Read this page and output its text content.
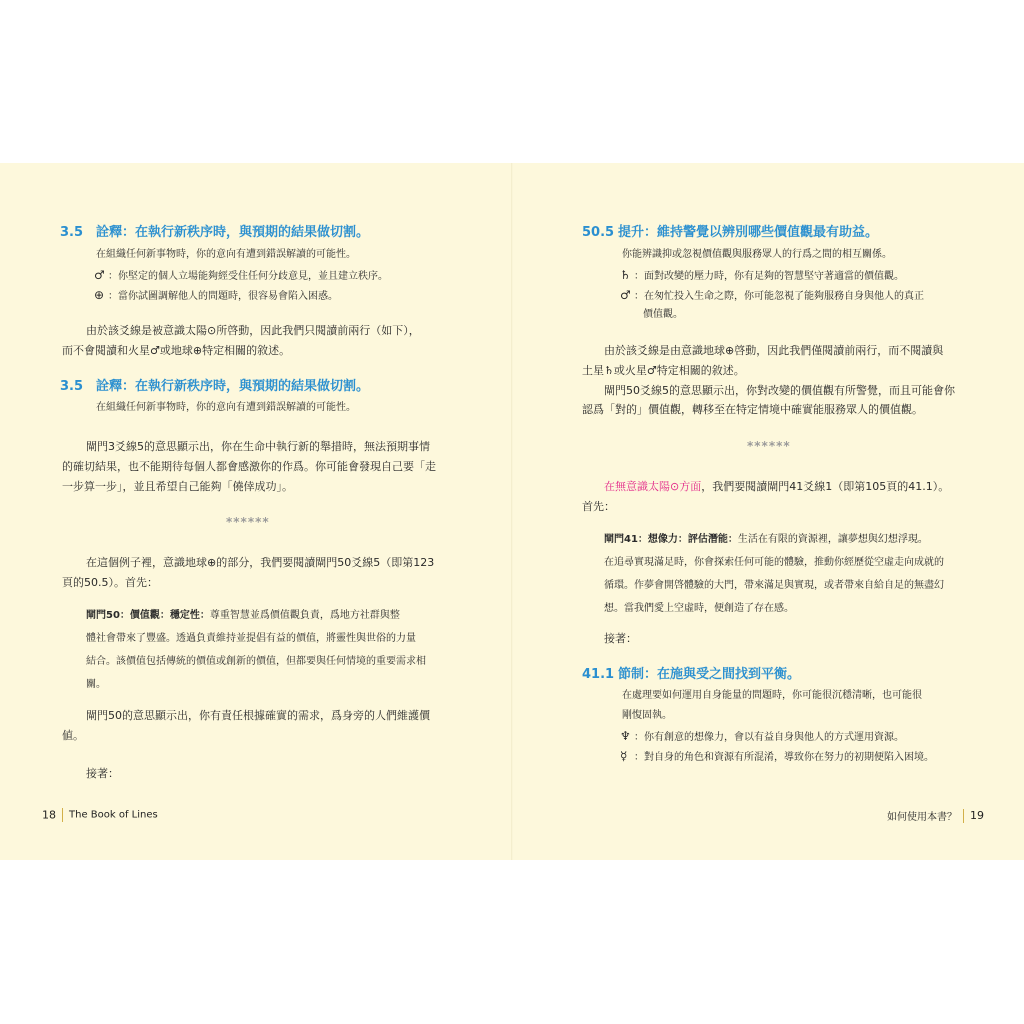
3.5 詮釋：在執行新秩序時，與預期的結果做切割。
在組織任何新事物時，你的意向有遭到錯誤解讀的可能性。
♂ ：你堅定的個人立場能夠經受住任何分歧意見，並且建立秩序。
⊕ ：當你試圖調解他人的問題時，很容易會陷入困惑。
由於該爻線是被意識太陽⊙所啓動，因此我們只閱讀前兩行（如下），
而不會閱讀和火星♂或地球⊕特定相關的敘述。
3.5 詮釋：在執行新秩序時，與預期的結果做切割。
在組織任何新事物時，你的意向有遭到錯誤解讀的可能性。
閘門3爻線5的意思顯示出，你在生命中執行新的舉措時，無法預期事情
的確切結果，也不能期待每個人都會感激你的作爲。你可能會發現自己要「走
一步算一步」，並且希望自己能夠「僥倖成功」。
******
在這個例子裡，意識地球⊕的部分，我們要閱讀閘門50爻線5（即第123
頁的50.5）。首先：
閘門50：價值觀：穩定性：尊重智慧並爲價值觀負責，爲地方社群與整
體社會帶來了豐盛。透過負責維持並提倡有益的價值，將靈性與世俗的力量
結合。該價值包括傳統的價值或創新的價值，但都要與任何情境的重要需求相
關。
閘門50的意思顯示出，你有責任根據確實的需求，爲身旁的人們維護價
値。
接著：
18 The Book of Lines
50.5 提升：維持警覺以辨別哪些價值觀最有助益。
你能辨識抑或忽視價值觀與服務眾人的行爲之間的相互關係。
♄ ：面對改變的壓力時，你有足夠的智慧堅守著適當的價值觀。
♂ ：在匆忙投入生命之際，你可能忽視了能夠服務自身與他人的真正
價值觀。
由於該爻線是由意識地球⊕啓動，因此我們僅閱讀前兩行，而不閱讀與
土星♄或火星♂特定相關的敘述。
閘門50爻線5的意思顯示出，你對改變的價值觀有所警覺，而且可能會你
認爲「對的」價值觀，轉移至在特定情境中確實能服務眾人的價值觀。
******
在無意識太陽⊙方面，我們要閱讀閘門41爻線1（即第105頁的41.1）。
首先：
閘門41：想像力：評估潛能：生活在有限的資源裡，讓夢想與幻想浮現。
在追尋實現滿足時，你會探索任何可能的體驗，推動你經歷從空虛走向成就的
循環。作夢會開啓體驗的大門，帶來滿足與實現，或者帶來自給自足的無盡幻
想。當我們愛上空虛時，便創造了存在感。
接著：
41.1 節制：在施與受之間找到平衡。
在處理要如何運用自身能量的問題時，你可能很沉穩清晰，也可能很
剛愎固執。
♆ ：你有創意的想像力，會以有益自身與他人的方式運用資源。
☿ ：對自身的角色和資源有所混淆，導致你在努力的初期便陷入困境。
如何使用本書？ 19
